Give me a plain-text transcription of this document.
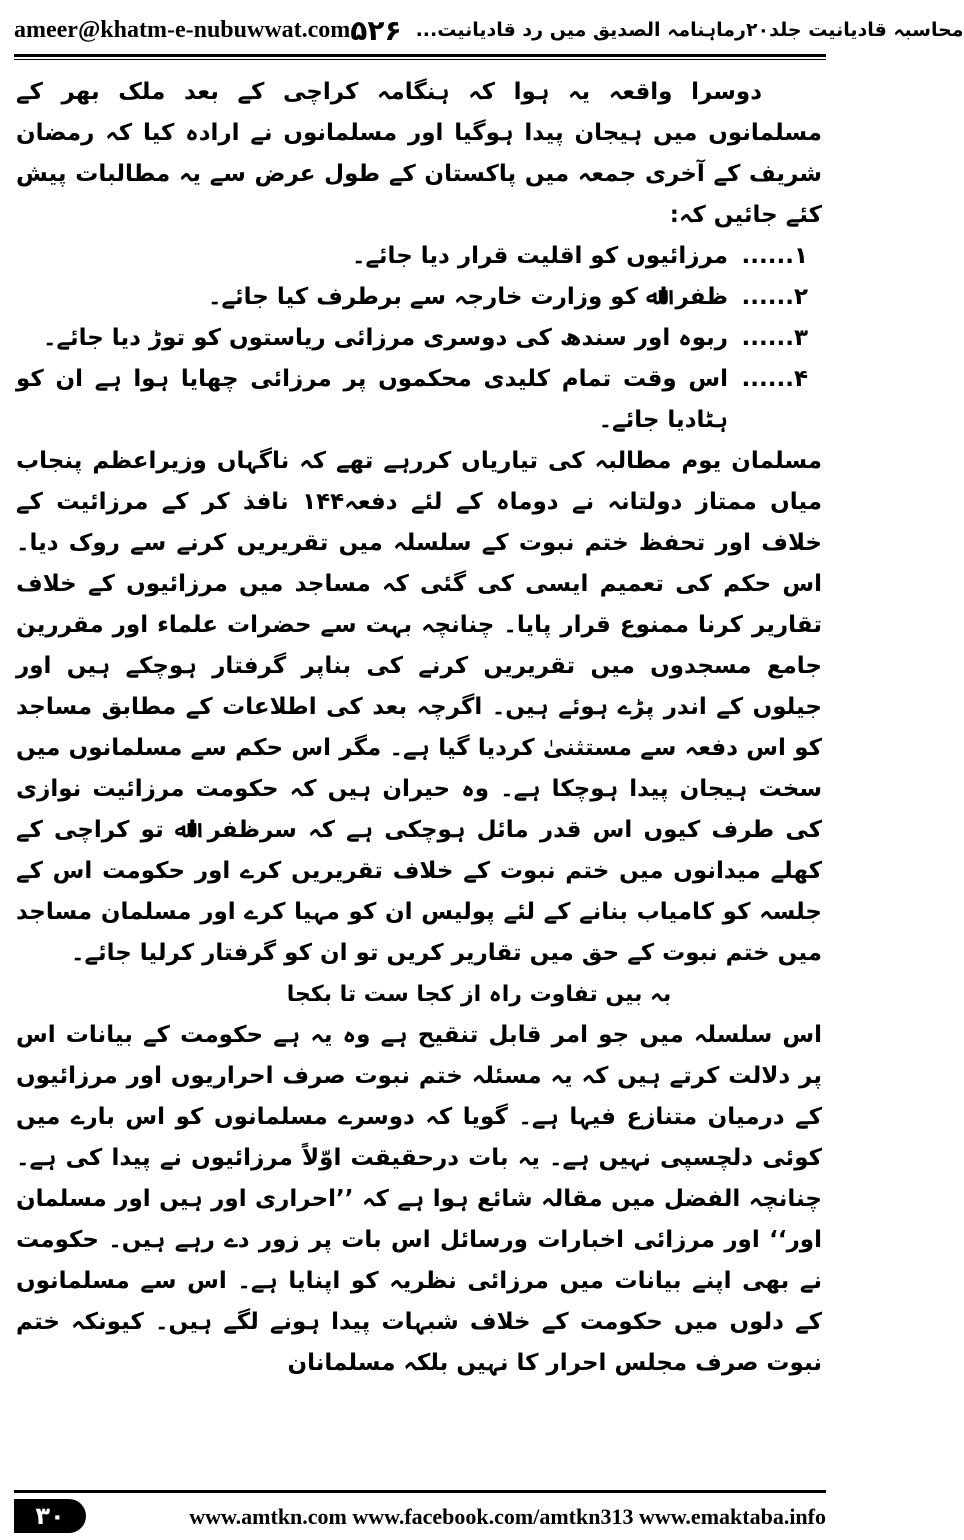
ameer@khatm-e-nubuwwat.com ۵۲۶ محاسبہ قادیانیت جلد۲۰رماہنامہ الصدیق میں رد قادیانیت...

دوسرا واقعہ یہ ہوا کہ ہنگامہ کراچی کے بعد ملک بھر کے مسلمانوں میں ہیجان پیدا ہوگیا اور مسلمانوں نے ارادہ کیا کہ رمضان شریف کے آخری جمعہ میں پاکستان کے طول عرض سے یہ مطالبات پیش کئے جائیں کہ:

۱......
مرزائیوں کو اقلیت قرار دیا جائے۔
۲......
ظفر اﷲ کو وزارت خارجہ سے برطرف کیا جائے۔
۳......
ربوہ اور سندھ کی دوسری مرزائی ریاستوں کو توڑ دیا جائے۔
۴......
اس وقت تمام کلیدی محکموں پر مرزائی چھایا ہوا ہے ان کو ہٹادیا جائے۔

مسلمان یوم مطالبہ کی تیاریاں کررہے تھے کہ ناگہاں وزیراعظم پنجاب میاں ممتاز دولتانہ نے دوماہ کے لئے دفعہ۱۴۴ نافذ کر کے مرزائیت کے خلاف اور تحفظ ختم نبوت کے سلسلہ میں تقریریں کرنے سے روک دیا۔ اس حکم کی تعمیم ایسی کی گئی کہ مساجد میں مرزائیوں کے خلاف تقاریر کرنا ممنوع قرار پایا۔ چنانچہ بہت سے حضرات علماء اور مقررین جامع مسجدوں میں تقریریں کرنے کی بناپر گرفتار ہوچکے ہیں اور جیلوں کے اندر پڑے ہوئے ہیں۔ اگرچہ بعد کی اطلاعات کے مطابق مساجد کو اس دفعہ سے مستثنیٰ کردیا گیا ہے۔ مگر اس حکم سے مسلمانوں میں سخت ہیجان پیدا ہوچکا ہے۔ وہ حیران ہیں کہ حکومت مرزائیت نوازی کی طرف کیوں اس قدر مائل ہوچکی ہے کہ سرظفر اﷲ تو کراچی کے کھلے میدانوں میں ختم نبوت کے خلاف تقریریں کرے اور حکومت اس کے جلسہ کو کامیاب بنانے کے لئے پولیس ان کو مہیا کرے اور مسلمان مساجد میں ختم نبوت کے حق میں تقاریر کریں تو ان کو گرفتار کرلیا جائے۔

بہ بیں تفاوت راہ از کجا ست تا بکجا

اس سلسلہ میں جو امر قابل تنقیح ہے وہ یہ ہے حکومت کے بیانات اس پر دلالت کرتے ہیں کہ یہ مسئلہ ختم نبوت صرف احراریوں اور مرزائیوں کے درمیان متنازع فیہا ہے۔ گویا کہ دوسرے مسلمانوں کو اس بارے میں کوئی دلچسپی نہیں ہے۔ یہ بات درحقیقت اوّلاً مرزائیوں نے پیدا کی ہے۔ چنانچہ الفضل میں مقالہ شائع ہوا ہے کہ ’’احراری اور ہیں اور مسلمان اور‘‘ اور مرزائی اخبارات ورسائل اس بات پر زور دے رہے ہیں۔ حکومت نے بھی اپنے بیانات میں مرزائی نظریہ کو اپنایا ہے۔ اس سے مسلمانوں کے دلوں میں حکومت کے خلاف شبہات پیدا ہونے لگے ہیں۔ کیونکہ ختم نبوت صرف مجلس احرار کا نہیں بلکہ مسلمانان

۳۰	www.amtkn.com www.facebook.com/amtkn313 www.emaktaba.info
